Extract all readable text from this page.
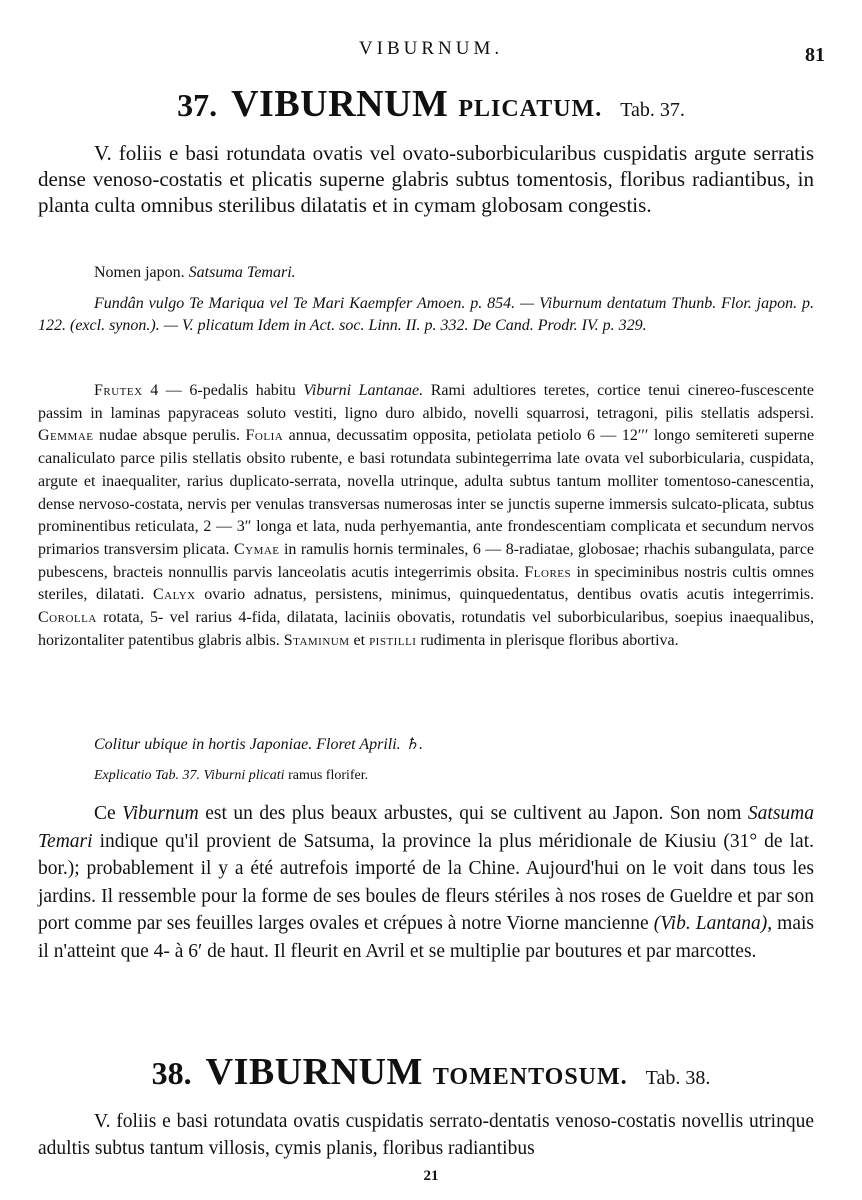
VIBURNUM.	81
37. VIBURNUM PLICATUM. Tab. 37.

V. foliis e basi rotundata ovatis vel ovato-suborbicularibus cuspidatis argute serratis dense venoso-costatis et plicatis superne glabris subtus tomentosis, floribus radiantibus, in planta culta omnibus sterilibus dilatatis et in cymam globosam congestis.

Nomen japon. Satsuma Temari.

Fundân vulgo Te Mariqua vel Te Mari Kaempfer Amoen. p. 854. — Viburnum dentatum Thunb. Flor. japon. p. 122. (excl. synon.). — V. plicatum Idem in Act. soc. Linn. II. p. 332. De Cand. Prodr. IV. p. 329.

Frutex 4 — 6-pedalis habitu Viburni Lantanae. Rami adultiores teretes, cortice tenui cinereo-fuscescente passim in laminas papyraceas soluto vestiti, ligno duro albido, novelli squarrosi, tetragoni, pilis stellatis adspersi. Gemmae nudae absque perulis. Folia annua, decussatim opposita, petiolata petiolo 6 — 12′′′ longo semitereti superne canaliculato parce pilis stellatis obsito rubente, e basi rotundata subintegerrima late ovata vel suborbicularia, cuspidata, argute et inaequaliter, rarius duplicato-serrata, novella utrinque, adulta subtus tantum molliter tomentoso-canescentia, dense nervoso-costata, nervis per venulas transversas numerosas inter se junctis superne immersis sulcato-plicata, subtus prominentibus reticulata, 2 — 3″ longa et lata, nuda perhyemantia, ante frondescentiam complicata et secundum nervos primarios transversim plicata. Cymae in ramulis hornis terminales, 6 — 8-radiatae, globosae; rhachis subangulata, parce pubescens, bracteis nonnullis parvis lanceolatis acutis integerrimis obsita. Flores in speciminibus nostris cultis omnes steriles, dilatati. Calyx ovario adnatus, persistens, minimus, quinquedentatus, dentibus ovatis acutis integerrimis. Corolla rotata, 5- vel rarius 4-fida, dilatata, laciniis obovatis, rotundatis vel suborbicularibus, soepius inaequalibus, horizontaliter patentibus glabris albis. Staminum et pistilli rudimenta in plerisque floribus abortiva.

Colitur ubique in hortis Japoniae. Floret Aprili. ♄.
Explicatio Tab. 37. Viburni plicati ramus florifer.

Ce Viburnum est un des plus beaux arbustes, qui se cultivent au Japon. Son nom Satsuma Temari indique qu'il provient de Satsuma, la province la plus méridionale de Kiusiu (31° de lat. bor.); probablement il y a été autrefois importé de la Chine. Aujourd'hui on le voit dans tous les jardins. Il ressemble pour la forme de ses boules de fleurs stériles à nos roses de Gueldre et par son port comme par ses feuilles larges ovales et crépues à notre Viorne mancienne (Vib. Lantana), mais il n'atteint que 4- à 6′ de haut. Il fleurit en Avril et se multiplie par boutures et par marcottes.

38. VIBURNUM TOMENTOSUM. Tab. 38.

V. foliis e basi rotundata ovatis cuspidatis serrato-dentatis venoso-costatis novellis utrinque adultis subtus tantum villosis, cymis planis, floribus radiantibus

21
